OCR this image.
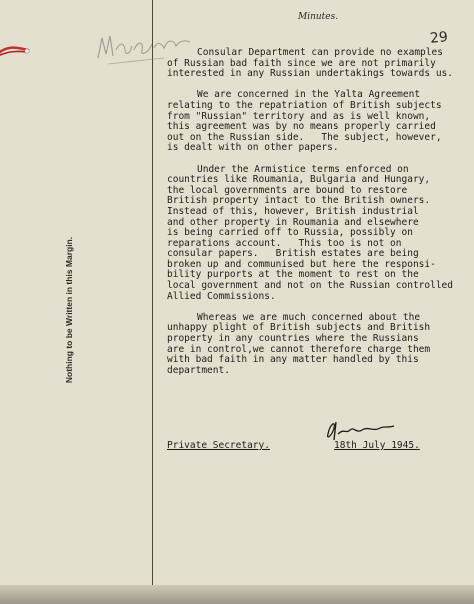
Minutes.
29
Nothing to be Written in this Margin.
Consular Department can provide no examples
of Russian bad faith since we are not primarily
interested in any Russian undertakings towards us.
We are concerned in the Yalta Agreement
relating to the repatriation of British subjects
from "Russian" territory and as is well known,
this agreement was by no means properly carried
out on the Russian side.   The subject, however,
is dealt with on other papers.
Under the Armistice terms enforced on
countries like Roumania, Bulgaria and Hungary,
the local governments are bound to restore
British property intact to the British owners.
Instead of this, however, British industrial
and other property in Roumania and elsewhere
is being carried off to Russia, possibly on
reparations account.   This too is not on
consular papers.   British estates are being
broken up and communised but here the responsi-
bility purports at the moment to rest on the
local government and not on the Russian controlled
Allied Commissions.
Whereas we are much concerned about the
unhappy plight of British subjects and British
property in any countries where the Russians
are in control,we cannot therefore charge them
with bad faith in any matter handled by this
department.
Private Secretary.	18th July 1945.
